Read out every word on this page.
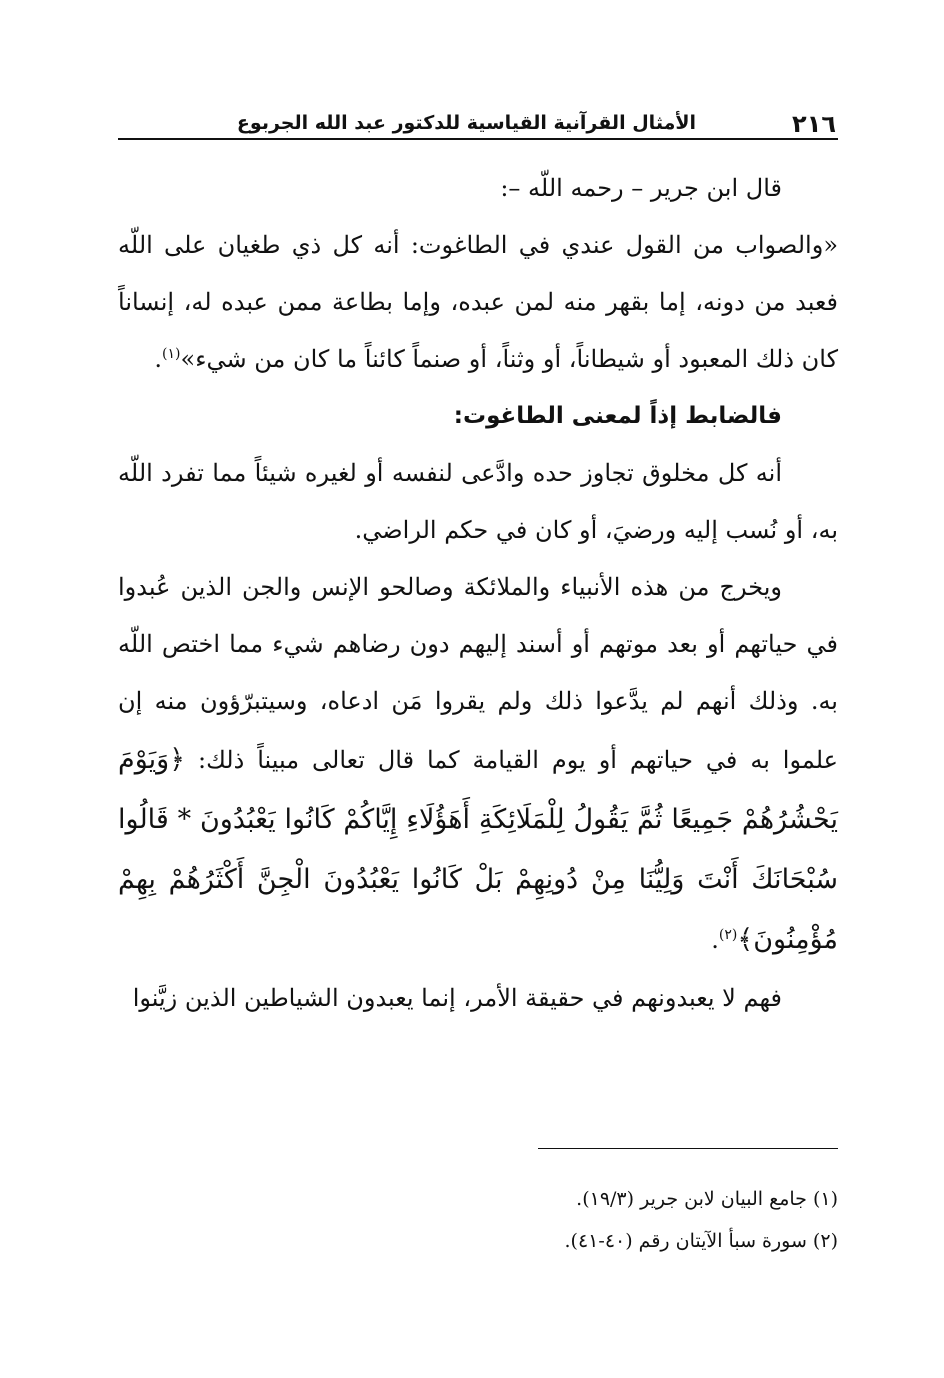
٢١٦
الأمثال القرآنية القياسية للدكتور عبد الله الجربوع

قال ابن جرير – رحمه اللّه –:

«والصواب من القول عندي في الطاغوت: أنه كل ذي طغيان على اللّه فعبد من دونه، إما بقهر منه لمن عبده، وإما بطاعة ممن عبده له، إنساناً كان ذلك المعبود أو شيطاناً، أو وثناً، أو صنماً كائناً ما كان من شيء»$^{(١)}$.

فالضابط إذاً لمعنى الطاغوت:

أنه كل مخلوق تجاوز حده وادَّعى لنفسه أو لغيره شيئاً مما تفرد اللّه به، أو نُسب إليه ورضيَ، أو كان في حكم الراضي.

ويخرج من هذه الأنبياء والملائكة وصالحو الإنس والجن الذين عُبدوا في حياتهم أو بعد موتهم أو أسند إليهم دون رضاهم شيء مما اختص اللّه به. وذلك أنهم لم يدَّعوا ذلك ولم يقروا مَن ادعاه، وسيتبرّؤون منه إن علموا به في حياتهم أو يوم القيامة كما قال تعالى مبيناً ذلك: ﴿وَيَوْمَ يَحْشُرُهُمْ جَمِيعًا ثُمَّ يَقُولُ لِلْمَلَائِكَةِ أَهَؤُلَاءِ إِيَّاكُمْ كَانُوا يَعْبُدُونَ * قَالُوا سُبْحَانَكَ أَنْتَ وَلِيُّنَا مِنْ دُونِهِمْ بَلْ كَانُوا يَعْبُدُونَ الْجِنَّ أَكْثَرُهُمْ بِهِمْ مُؤْمِنُونَ﴾$^{(٢)}$.

فهم لا يعبدونهم في حقيقة الأمر، إنما يعبدون الشياطين الذين زيَّنوا

(١) جامع البيان لابن جرير (١٩/٣).
(٢) سورة سبأ الآيتان رقم (٤٠-٤١).
